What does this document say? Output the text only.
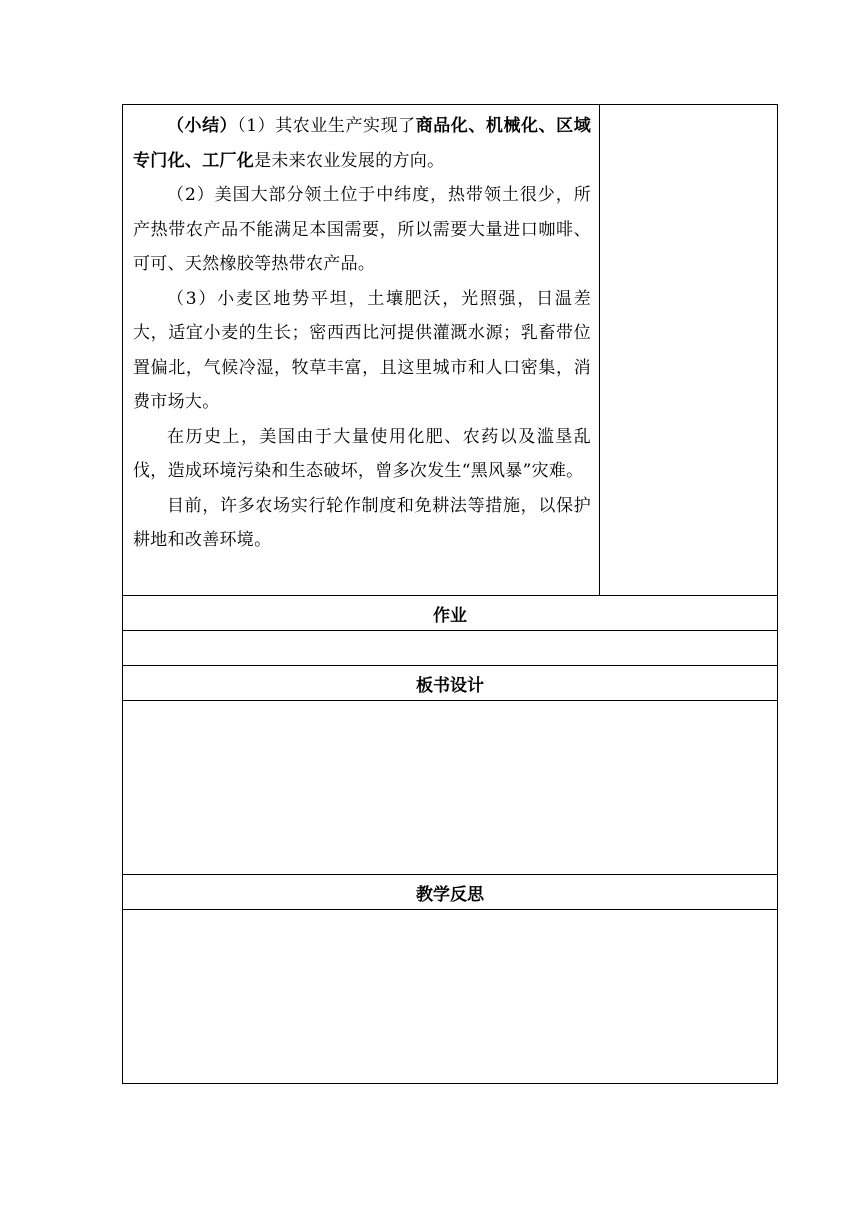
（小结）（1）其农业生产实现了商品化、机械化、区域专门化、工厂化是未来农业发展的方向。

（2）美国大部分领土位于中纬度，热带领土很少，所产热带农产品不能满足本国需要，所以需要大量进口咖啡、可可、天然橡胶等热带农产品。

（3）小麦区地势平坦，土壤肥沃，光照强，日温差大，适宜小麦的生长；密西西比河提供灌溉水源；乳畜带位置偏北，气候冷湿，牧草丰富，且这里城市和人口密集，消费市场大。

在历史上，美国由于大量使用化肥、农药以及滥垦乱伐，造成环境污染和生态破坏，曾多次发生“黑风暴”灾难。

目前，许多农场实行轮作制度和免耕法等措施，以保护耕地和改善环境。

作业

板书设计

教学反思
